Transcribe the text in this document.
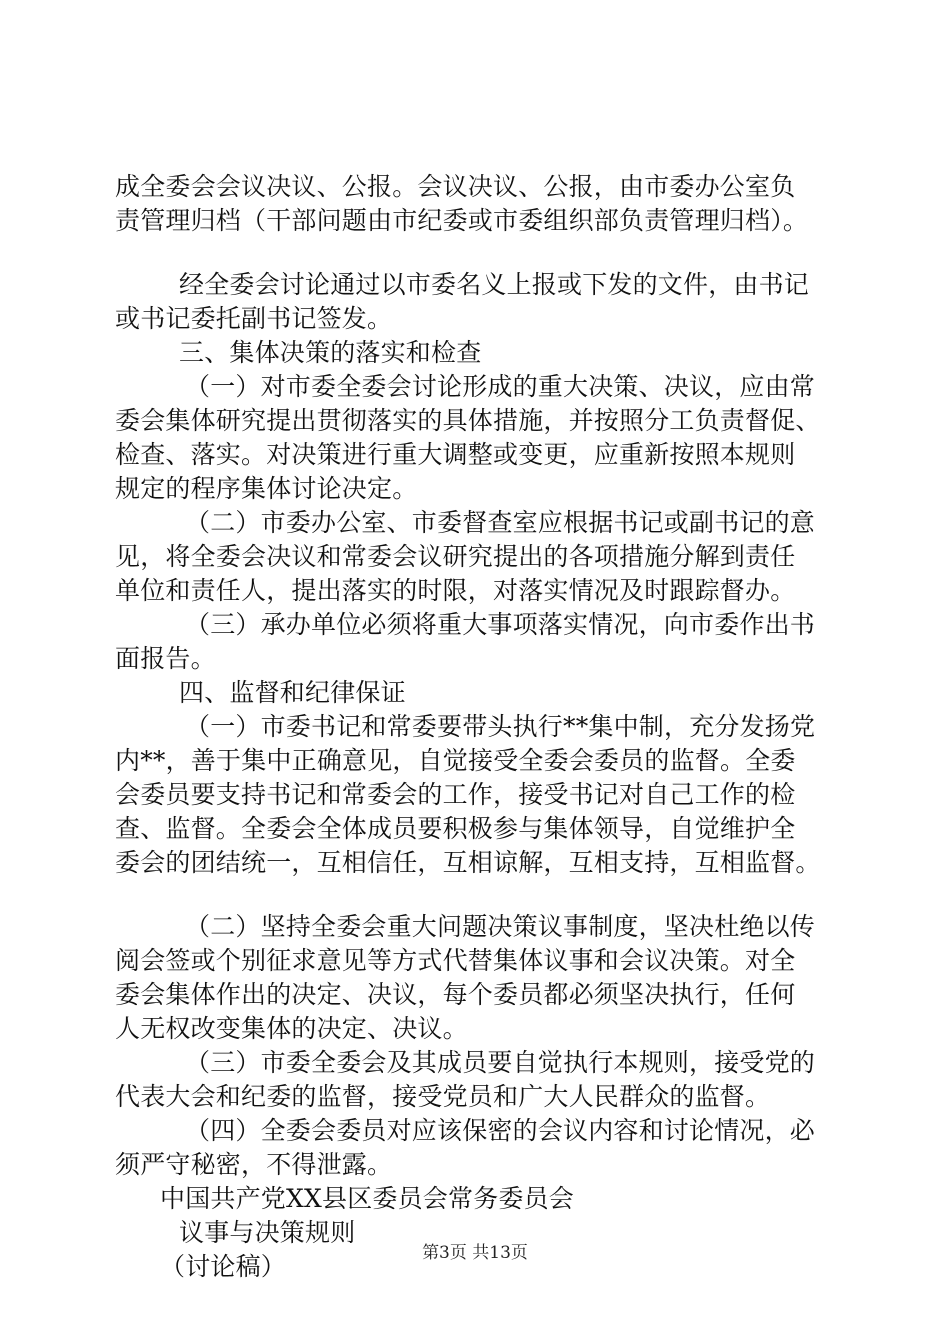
成全委会会议决议、公报。会议决议、公报，由市委办公室负
责管理归档（干部问题由市纪委或市委组织部负责管理归档）。
经全委会讨论通过以市委名义上报或下发的文件，由书记
或书记委托副书记签发。
三、集体决策的落实和检查
（一）对市委全委会讨论形成的重大决策、决议，应由常
委会集体研究提出贯彻落实的具体措施，并按照分工负责督促、
检查、落实。对决策进行重大调整或变更，应重新按照本规则
规定的程序集体讨论决定。
（二）市委办公室、市委督查室应根据书记或副书记的意
见，将全委会决议和常委会议研究提出的各项措施分解到责任
单位和责任人，提出落实的时限，对落实情况及时跟踪督办。
（三）承办单位必须将重大事项落实情况，向市委作出书
面报告。
四、监督和纪律保证
（一）市委书记和常委要带头执行**集中制，充分发扬党
内**，善于集中正确意见，自觉接受全委会委员的监督。全委
会委员要支持书记和常委会的工作，接受书记对自己工作的检
查、监督。全委会全体成员要积极参与集体领导，自觉维护全
委会的团结统一，互相信任，互相谅解，互相支持，互相监督。
（二）坚持全委会重大问题决策议事制度，坚决杜绝以传
阅会签或个别征求意见等方式代替集体议事和会议决策。对全
委会集体作出的决定、决议，每个委员都必须坚决执行，任何
人无权改变集体的决定、决议。
（三）市委全委会及其成员要自觉执行本规则，接受党的
代表大会和纪委的监督，接受党员和广大人民群众的监督。
（四）全委会委员对应该保密的会议内容和讨论情况，必
须严守秘密，不得泄露。
中国共产党XX县区委员会常务委员会
议事与决策规则
（讨论稿）	第3页 共13页
